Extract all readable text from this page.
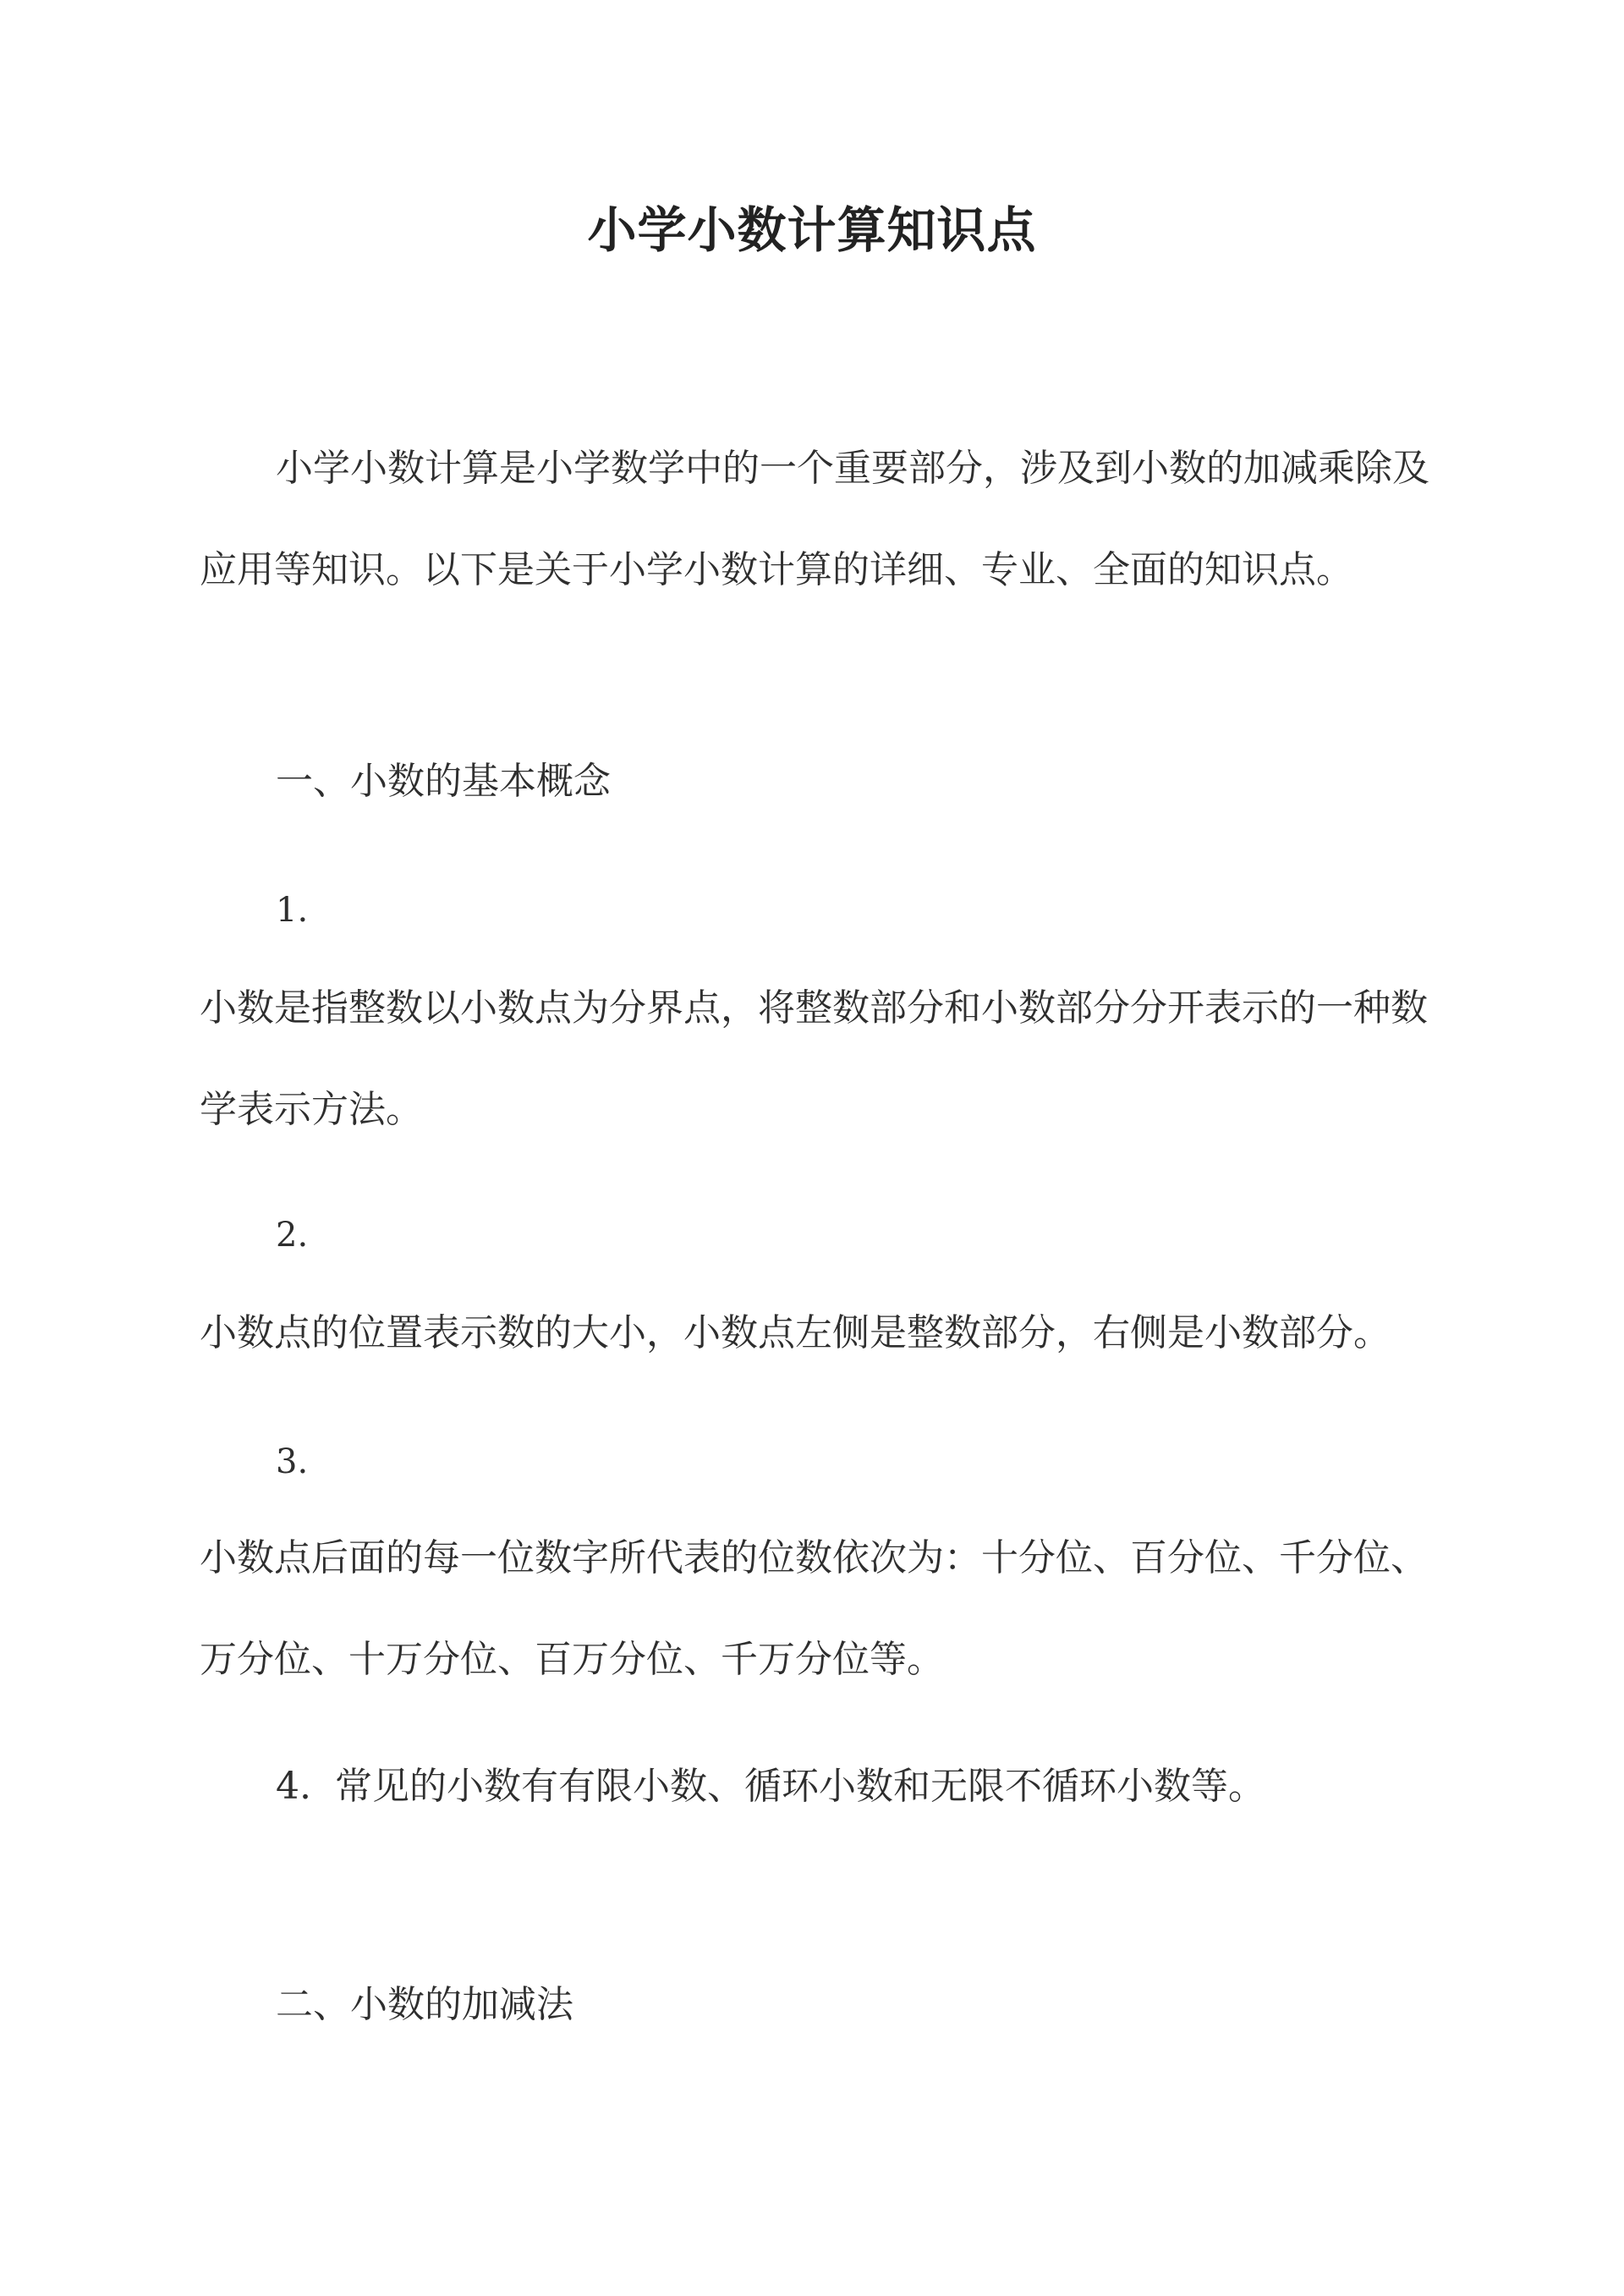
小学小数计算知识点
小学小数计算是小学数学中的一个重要部分，涉及到小数的加减乘除及应用等知识。以下是关于小学小数计算的详细、专业、全面的知识点。
一、小数的基本概念
1.
小数是指整数以小数点为分界点，将整数部分和小数部分分开表示的一种数学表示方法。
2.
小数点的位置表示数的大小，小数点左侧是整数部分，右侧是小数部分。
3.
小数点后面的每一位数字所代表的位数依次为：十分位、百分位、千分位、万分位、十万分位、百万分位、千万分位等。
4. 常见的小数有有限小数、循环小数和无限不循环小数等。
二、小数的加减法
